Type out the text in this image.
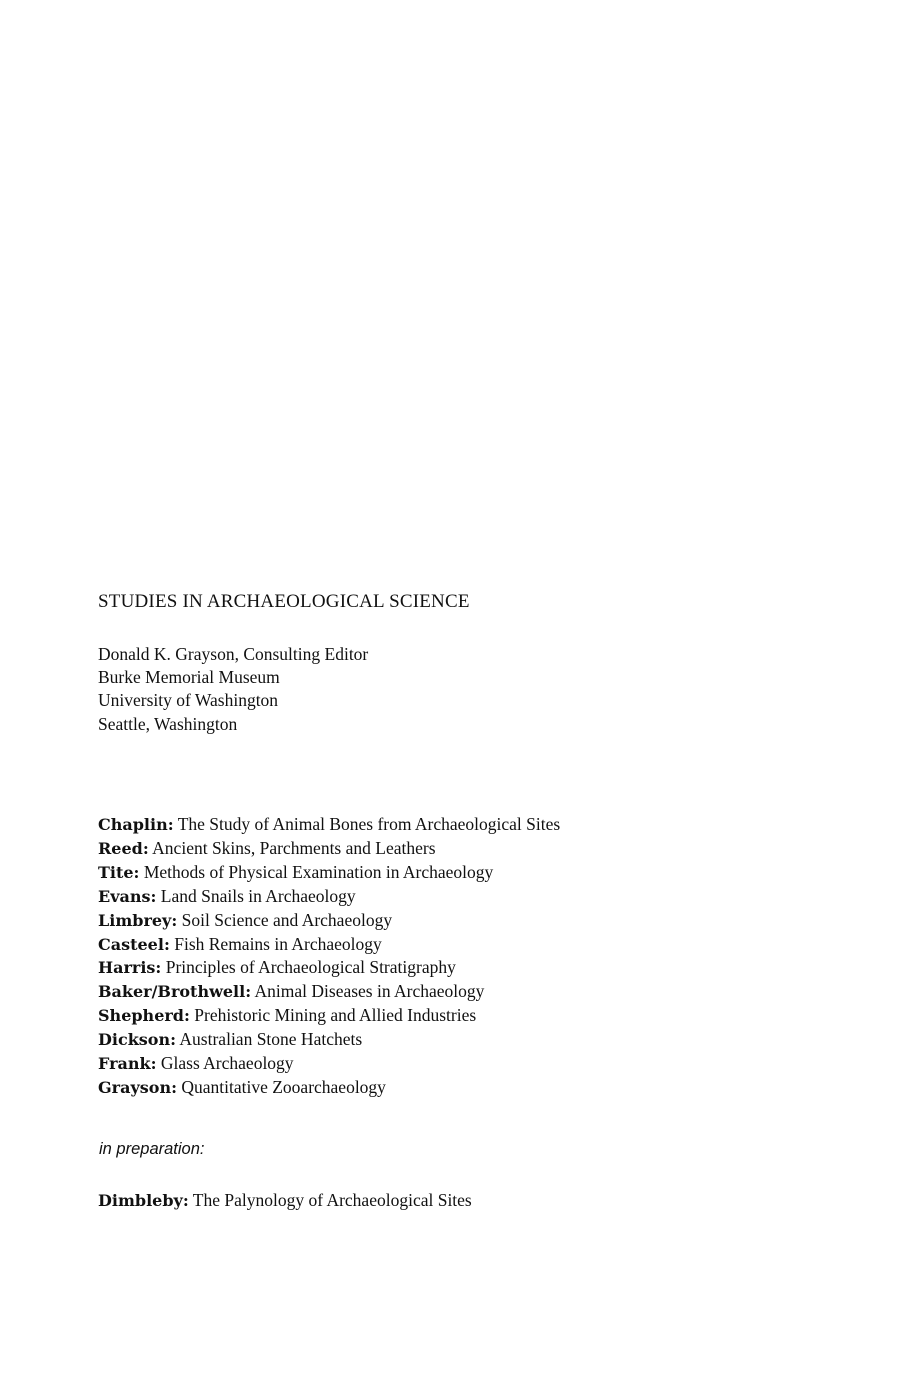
STUDIES IN ARCHAEOLOGICAL SCIENCE
Donald K. Grayson, Consulting Editor
Burke Memorial Museum
University of Washington
Seattle, Washington
Chaplin: The Study of Animal Bones from Archaeological Sites
Reed: Ancient Skins, Parchments and Leathers
Tite: Methods of Physical Examination in Archaeology
Evans: Land Snails in Archaeology
Limbrey: Soil Science and Archaeology
Casteel: Fish Remains in Archaeology
Harris: Principles of Archaeological Stratigraphy
Baker/Brothwell: Animal Diseases in Archaeology
Shepherd: Prehistoric Mining and Allied Industries
Dickson: Australian Stone Hatchets
Frank: Glass Archaeology
Grayson: Quantitative Zooarchaeology
in preparation:
Dimbleby: The Palynology of Archaeological Sites
